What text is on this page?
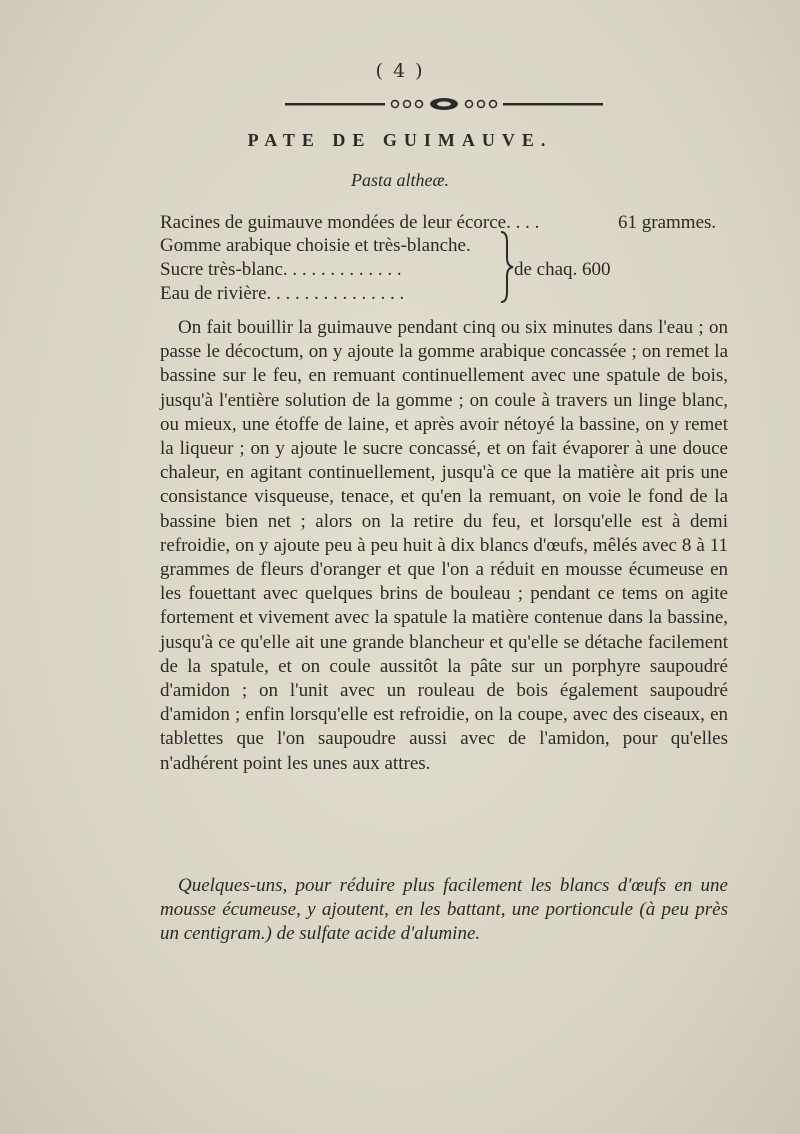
( 4 )
PATE DE GUIMAUVE.
Pasta altheæ.
Racines de guimauve mondées de leur écorce. . . .	61 grammes.
Gomme arabique choisie et très-blanche.
Sucre très-blanc. . . . . . . . . . . . .
Eau de rivière. . . . . . . . . . . . . . .
de chaq. 600

On fait bouillir la guimauve pendant cinq ou six minutes dans l'eau ; on passe le décoctum, on y ajoute la gomme arabique concassée ; on remet la bassine sur le feu, en remuant continuellement avec une spatule de bois, jusqu'à l'entière solution de la gomme ; on coule à travers un linge blanc, ou mieux, une étoffe de laine, et après avoir nétoyé la bassine, on y remet la liqueur ; on y ajoute le sucre concassé, et on fait évaporer à une douce chaleur, en agitant continuellement, jusqu'à ce que la matière ait pris une consistance visqueuse, tenace, et qu'en la remuant, on voie le fond de la bassine bien net ; alors on la retire du feu, et lorsqu'elle est à demi refroidie, on y ajoute peu à peu huit à dix blancs d'œufs, mêlés avec 8 à 11 grammes de fleurs d'oranger et que l'on a réduit en mousse écumeuse en les fouettant avec quelques brins de bouleau ; pendant ce tems on agite fortement et vivement avec la spatule la matière contenue dans la bassine, jusqu'à ce qu'elle ait une grande blancheur et qu'elle se détache facilement de la spatule, et on coule aussitôt la pâte sur un porphyre saupoudré d'amidon ; on l'unit avec un rouleau de bois également saupoudré d'amidon ; enfin lorsqu'elle est refroidie, on la coupe, avec des ciseaux, en tablettes que l'on saupoudre aussi avec de l'amidon, pour qu'elles n'adhérent point les unes aux attres.

Quelques-uns, pour réduire plus facilement les blancs d'œufs en une mousse écumeuse, y ajoutent, en les battant, une portioncule (à peu près un centigram.) de sulfate acide d'alumine.
